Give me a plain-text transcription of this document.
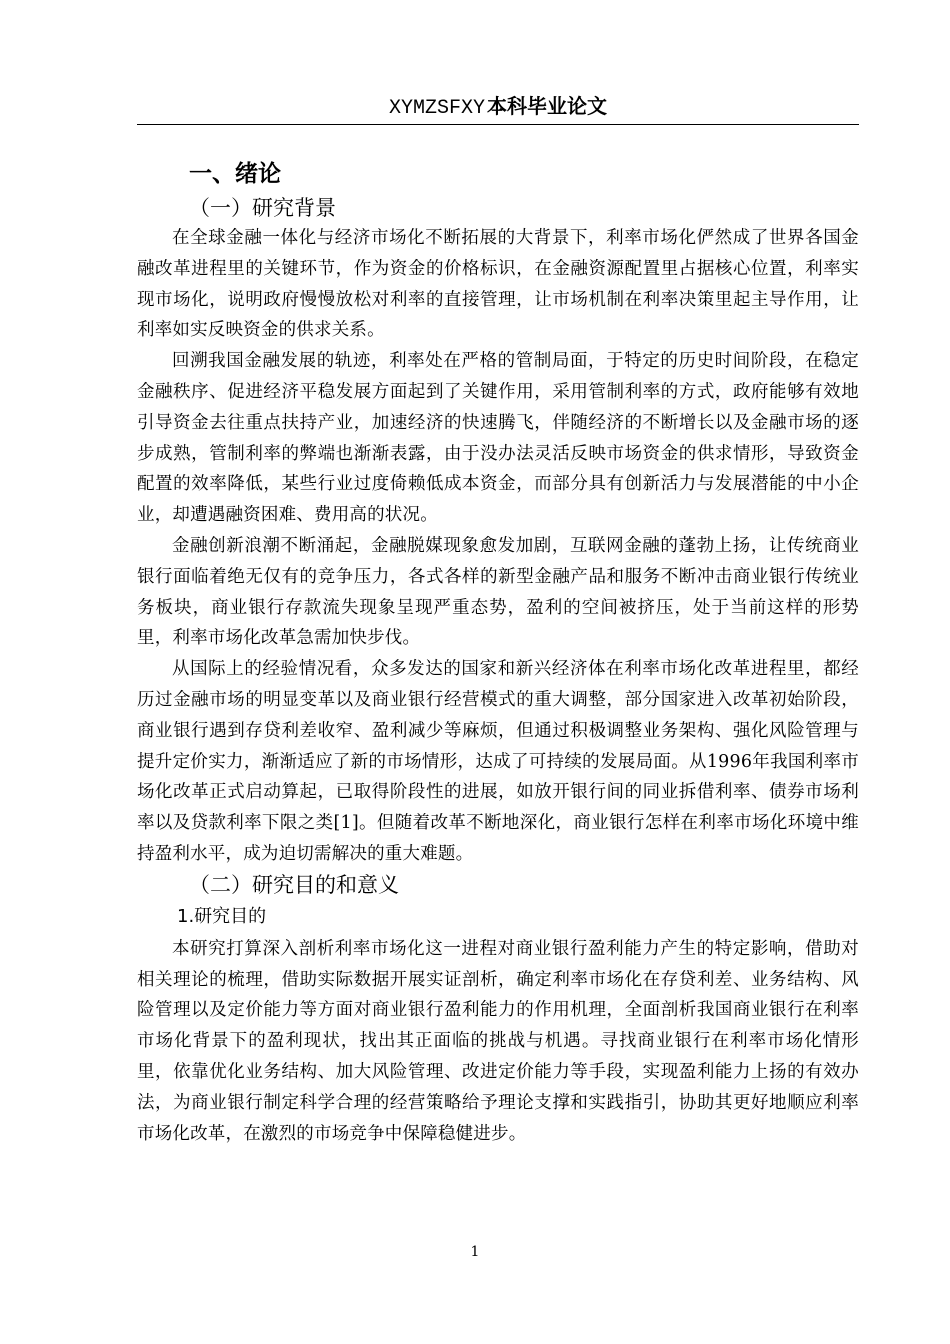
XYMZSFXY 本科毕业论文
一、绪论
（一）研究背景

在全球金融一体化与经济市场化不断拓展的大背景下，利率市场化俨然成了世界各国金融改革进程里的关键环节，作为资金的价格标识，在金融资源配置里占据核心位置，利率实现市场化，说明政府慢慢放松对利率的直接管理，让市场机制在利率决策里起主导作用，让利率如实反映资金的供求关系。

回溯我国金融发展的轨迹，利率处在严格的管制局面，于特定的历史时间阶段，在稳定金融秩序、促进经济平稳发展方面起到了关键作用，采用管制利率的方式，政府能够有效地引导资金去往重点扶持产业，加速经济的快速腾飞，伴随经济的不断增长以及金融市场的逐步成熟，管制利率的弊端也渐渐表露，由于没办法灵活反映市场资金的供求情形，导致资金配置的效率降低，某些行业过度倚赖低成本资金，而部分具有创新活力与发展潜能的中小企业，却遭遇融资困难、费用高的状况。

金融创新浪潮不断涌起，金融脱媒现象愈发加剧，互联网金融的蓬勃上扬，让传统商业银行面临着绝无仅有的竞争压力，各式各样的新型金融产品和服务不断冲击商业银行传统业务板块，商业银行存款流失现象呈现严重态势，盈利的空间被挤压，处于当前这样的形势里，利率市场化改革急需加快步伐。

从国际上的经验情况看，众多发达的国家和新兴经济体在利率市场化改革进程里，都经历过金融市场的明显变革以及商业银行经营模式的重大调整，部分国家进入改革初始阶段，商业银行遇到存贷利差收窄、盈利减少等麻烦，但通过积极调整业务架构、强化风险管理与提升定价实力，渐渐适应了新的市场情形，达成了可持续的发展局面。从1996年我国利率市场化改革正式启动算起，已取得阶段性的进展，如放开银行间的同业拆借利率、债券市场利率以及贷款利率下限之类[1]。但随着改革不断地深化，商业银行怎样在利率市场化环境中维持盈利水平，成为迫切需解决的重大难题。

（二）研究目的和意义
1.研究目的

本研究打算深入剖析利率市场化这一进程对商业银行盈利能力产生的特定影响，借助对相关理论的梳理，借助实际数据开展实证剖析，确定利率市场化在存贷利差、业务结构、风险管理以及定价能力等方面对商业银行盈利能力的作用机理，全面剖析我国商业银行在利率市场化背景下的盈利现状，找出其正面临的挑战与机遇。寻找商业银行在利率市场化情形里，依靠优化业务结构、加大风险管理、改进定价能力等手段，实现盈利能力上扬的有效办法，为商业银行制定科学合理的经营策略给予理论支撑和实践指引，协助其更好地顺应利率市场化改革，在激烈的市场竞争中保障稳健进步。

1
